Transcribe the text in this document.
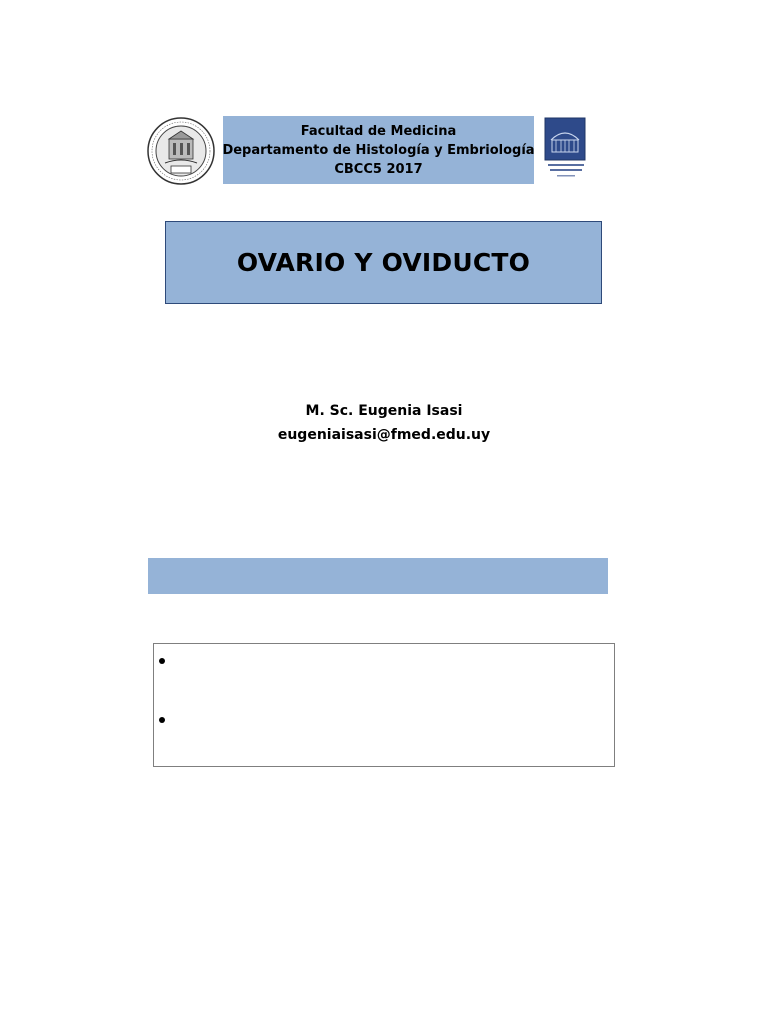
Facultad de Medicina
Departamento de Histología y Embriología
CBCC5 2017
OVARIO Y OVIDUCTO
M. Sc. Eugenia Isasi
eugeniaisasi@fmed.edu.uy
